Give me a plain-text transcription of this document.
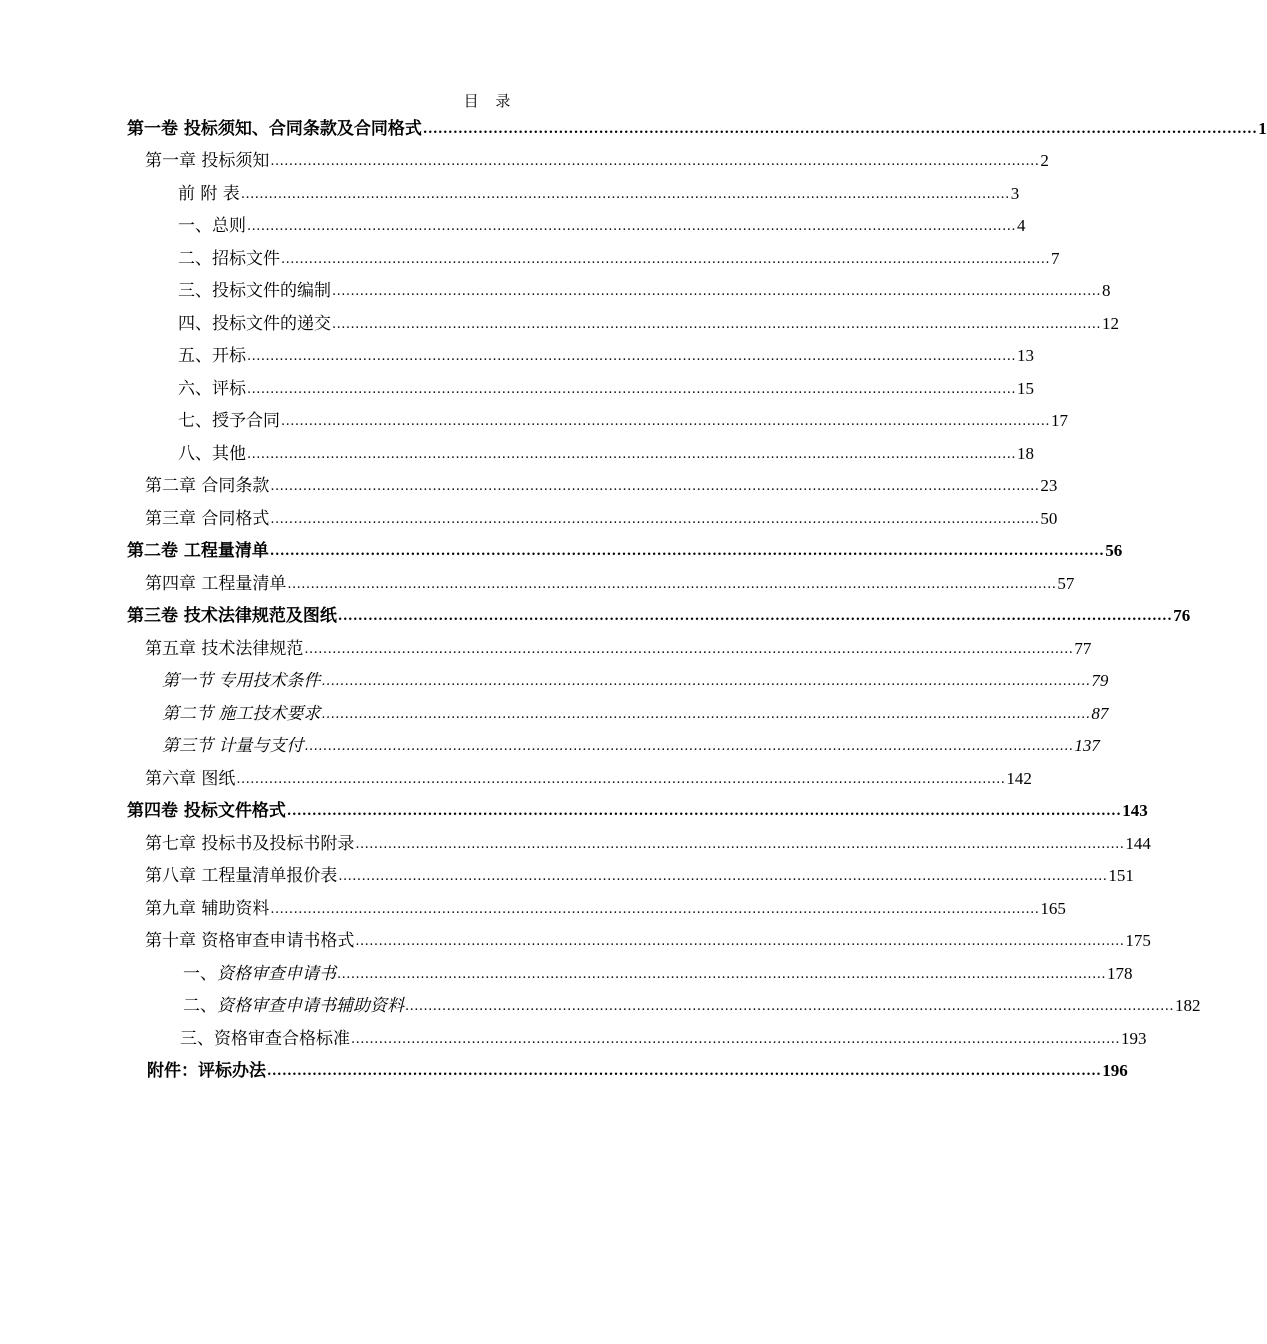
目 录
第一卷 投标须知、合同条款及合同格式 ...................................................................................................................................................................... 1
第一章 投标须知 ...................................................................................................................................................................... 2
前 附 表 ...................................................................................................................................................................... 3
一、总则 ...................................................................................................................................................................... 4
二、招标文件 ...................................................................................................................................................................... 7
三、投标文件的编制 ...................................................................................................................................................................... 8
四、投标文件的递交 ...................................................................................................................................................................... 12
五、开标 ...................................................................................................................................................................... 13
六、评标 ...................................................................................................................................................................... 15
七、授予合同 ...................................................................................................................................................................... 17
八、其他 ...................................................................................................................................................................... 18
第二章 合同条款 ...................................................................................................................................................................... 23
第三章 合同格式 ...................................................................................................................................................................... 50
第二卷 工程量清单 ...................................................................................................................................................................... 56
第四章 工程量清单 ...................................................................................................................................................................... 57
第三卷 技术法律规范及图纸 ...................................................................................................................................................................... 76
第五章 技术法律规范 ...................................................................................................................................................................... 77
第一节 专用技术条件 ...................................................................................................................................................................... 79
第二节 施工技术要求 ...................................................................................................................................................................... 87
第三节 计量与支付 ...................................................................................................................................................................... 137
第六章 图纸 ...................................................................................................................................................................... 142
第四卷 投标文件格式 ...................................................................................................................................................................... 143
第七章 投标书及投标书附录 ...................................................................................................................................................................... 144
第八章 工程量清单报价表 ...................................................................................................................................................................... 151
第九章 辅助资料 ...................................................................................................................................................................... 165
第十章 资格审查申请书格式 ...................................................................................................................................................................... 175
一、资格审查申请书 ...................................................................................................................................................................... 178
二、资格审查申请书辅助资料 ...................................................................................................................................................................... 182
三、资格审查合格标准 ...................................................................................................................................................................... 193
附件：评标办法 ...................................................................................................................................................................... 196
